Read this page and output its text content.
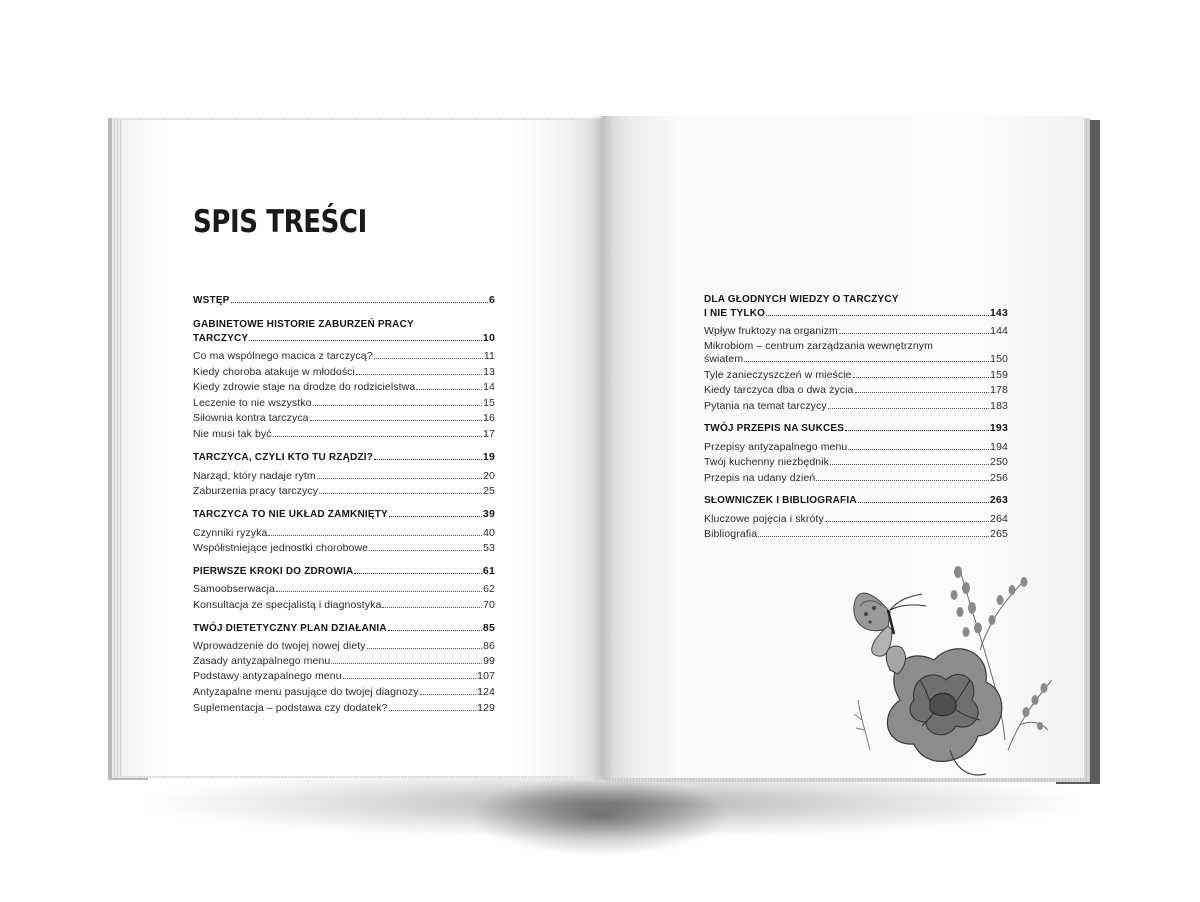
SPIS TREŚCI
WSTĘP	6
GABINETOWE HISTORIE ZABURZEŃ PRACY
TARCZYCY	10
Co ma wspólnego macica z tarczycą?	11
Kiedy choroba atakuje w młodości	13
Kiedy zdrowie staje na drodze do rodzicielstwa	14
Leczenie to nie wszystko	15
Siłownia kontra tarczyca	16
Nie musi tak być	17
TARCZYCA, CZYLI KTO TU RZĄDZI?	19
Narząd, który nadaje rytm	20
Zaburzenia pracy tarczycy	25
TARCZYCA TO NIE UKŁAD ZAMKNIĘTY	39
Czynniki ryzyka	40
Współistniejące jednostki chorobowe	53
PIERWSZE KROKI DO ZDROWIA	61
Samoobserwacja	62
Konsultacja ze specjalistą i diagnostyka	70
TWÓJ DIETETYCZNY PLAN DZIAŁANIA	85
Wprowadzenie do twojej nowej diety	86
Zasady antyzapalnego menu	99
Podstawy antyzapalnego menu	107
Antyzapalne menu pasujące do twojej diagnozy	124
Suplementacja – podstawa czy dodatek?	129
DLA GŁODNYCH WIEDZY O TARCZYCY
I NIE TYLKO	143
Wpływ fruktozy na organizm	144
Mikrobiom – centrum zarządzania wewnętrznym
światem	150
Tyle zanieczyszczeń w mieście	159
Kiedy tarczyca dba o dwa życia	178
Pytania na temat tarczycy	183
TWÓJ PRZEPIS NA SUKCES	193
Przepisy antyzapalnego menu	194
Twój kuchenny niezbędnik	250
Przepis na udany dzień	256
SŁOWNICZEK I BIBLIOGRAFIA	263
Kluczowe pojęcia i skróty	264
Bibliografia	265
